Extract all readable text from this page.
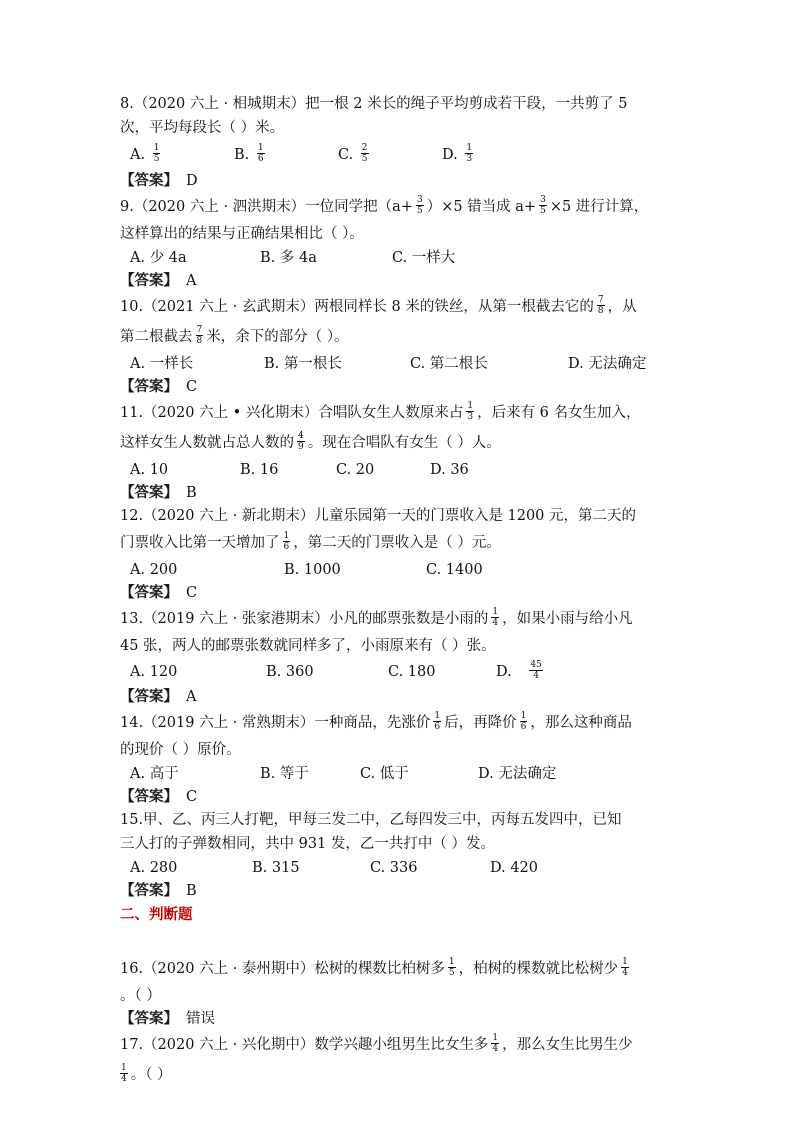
8.（2020 六上 · 相城期末）把一根 2 米长的绳子平均剪成若干段，一共剪了 5
次，平均每段长（ ）米。
A. $\frac{1}{5}$	B. $\frac{1}{6}$	C. $\frac{2}{5}$	D. $\frac{1}{3}$
【答案】 D
9.（2020 六上 · 泗洪期末）一位同学把$(a+ \frac{3}{5} )\times 5$ 错当成 $a+ \frac{3}{5} \times 5$ 进行计算，
这样算出的结果与正确结果相比（ ）。
A. 少 4a	B. 多 4a	C. 一样大
【答案】 A
10.（2021 六上 · 玄武期末）两根同样长 8 米的铁丝，从第一根截去它的 $\frac{7}{8}$ ，从
第二根截去 $\frac{7}{8}$ 米，余下的部分（ ）。
A. 一样长	B. 第一根长	C. 第二根长	D. 无法确定
【答案】 C
11.（2020 六上 • 兴化期末）合唱队女生人数原来占 $\frac{1}{3}$ ，后来有 6 名女生加入，
这样女生人数就占总人数的 $\frac{4}{9}$ 。现在合唱队有女生（ ）人。
A. 10	B. 16	C. 20	D. 36
【答案】 B
12.（2020 六上 · 新北期末）儿童乐园第一天的门票收入是 1200 元，第二天的
门票收入比第一天增加了 $\frac{1}{6}$ ，第二天的门票收入是（ ）元。
A. 200	B. 1000	C. 1400
【答案】 C
13.（2019 六上 · 张家港期末）小凡的邮票张数是小雨的 $\frac{1}{4}$ ，如果小雨与给小凡
45 张，两人的邮票张数就同样多了，小雨原来有（ ）张。
A. 120	B. 360	C. 180	D. $\frac{45}{4}$
【答案】 A
14.（2019 六上 · 常熟期末）一种商品，先涨价 $\frac{1}{6}$ 后，再降价 $\frac{1}{6}$ ，那么这种商品
的现价（ ）原价。
A. 高于	B. 等于	C. 低于	D. 无法确定
【答案】 C
15.甲、乙、丙三人打靶，甲每三发二中，乙每四发三中，丙每五发四中，已知
三人打的子弹数相同，共中 931 发，乙一共打中（ ）发。
A. 280	B. 315	C. 336	D. 420
【答案】 B
二、判断题
16.（2020 六上 · 泰州期中）松树的棵数比柏树多 $\frac{1}{5}$ ，柏树的棵数就比松树少 $\frac{1}{4}$
。（ ）
【答案】 错误
17.（2020 六上 · 兴化期中）数学兴趣小组男生比女生多 $\frac{1}{4}$ ，那么女生比男生少
$\frac{1}{4}$ 。（ ）
